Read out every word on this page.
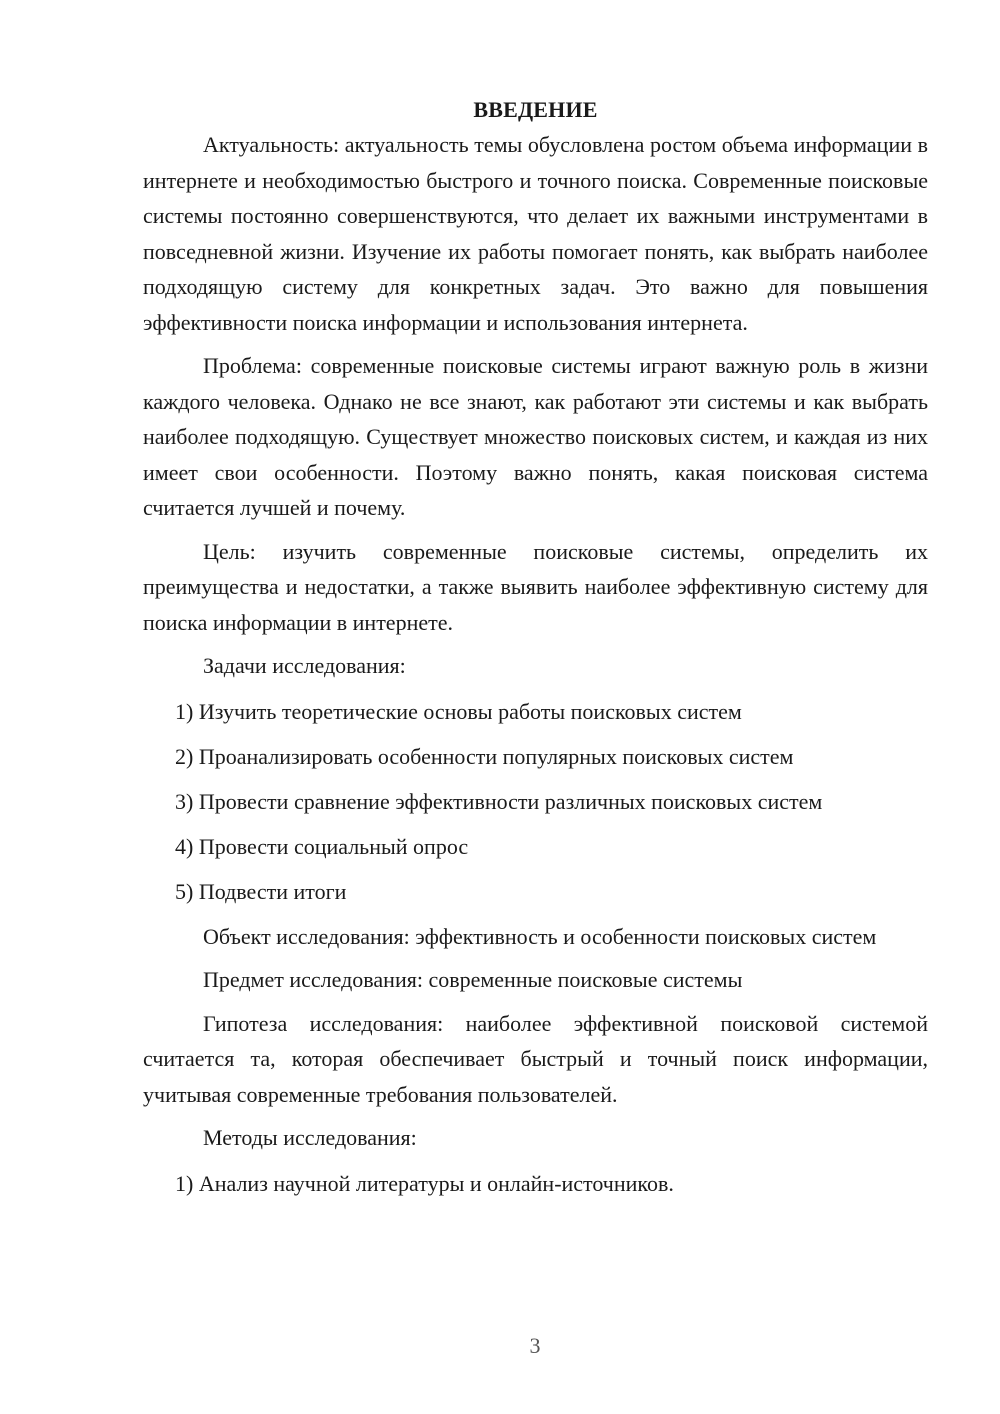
ВВЕДЕНИЕ

Актуальность: актуальность темы обусловлена ростом объема информации в интернете и необходимостью быстрого и точного поиска. Современные поисковые системы постоянно совершенствуются, что делает их важными инструментами в повседневной жизни. Изучение их работы помогает понять, как выбрать наиболее подходящую систему для конкретных задач. Это важно для повышения эффективности поиска информации и использования интернета.

Проблема: современные поисковые системы играют важную роль в жизни каждого человека. Однако не все знают, как работают эти системы и как выбрать наиболее подходящую. Существует множество поисковых систем, и каждая из них имеет свои особенности. Поэтому важно понять, какая поисковая система считается лучшей и почему.

Цель: изучить современные поисковые системы, определить их преимущества и недостатки, а также выявить наиболее эффективную систему для поиска информации в интернете.

Задачи исследования:

1) Изучить теоретические основы работы поисковых систем

2) Проанализировать особенности популярных поисковых систем

3) Провести сравнение эффективности различных поисковых систем

4) Провести социальный опрос

5) Подвести итоги

Объект исследования: эффективность и особенности поисковых систем

Предмет исследования: современные поисковые системы

Гипотеза исследования: наиболее эффективной поисковой системой считается та, которая обеспечивает быстрый и точный поиск информации, учитывая современные требования пользователей.

Методы исследования:

1) Анализ научной литературы и онлайн-источников.

3
